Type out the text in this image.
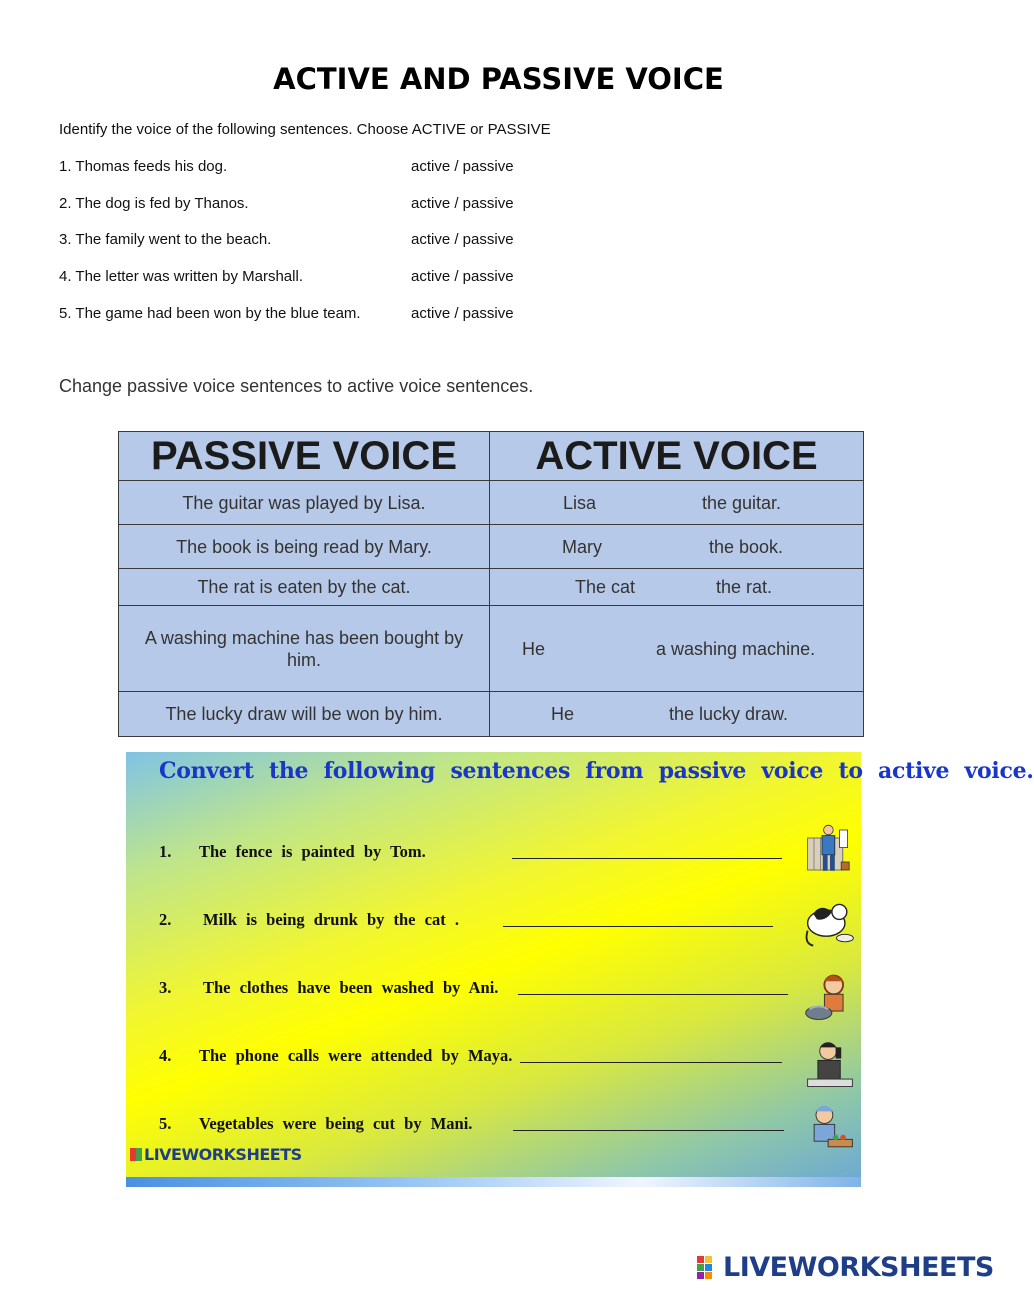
ACTIVE AND PASSIVE VOICE
Identify the voice of the following sentences. Choose ACTIVE or PASSIVE
1. Thomas feeds his dog.	active / passive
2. The dog is fed by Thanos.	active / passive
3. The family went to the beach.	active / passive
4. The letter was written by Marshall.	active / passive
5. The game had been won by the blue team.	active / passive
Change passive voice sentences to active voice sentences.
PASSIVE VOICE	ACTIVE VOICE
The guitar was played by Lisa.	Lisa the guitar.

The book is being read by Mary.	Mary the book.

The rat is eaten by the cat.	The cat the rat.

A washing machine has been bought by him.	He a washing machine.

The lucky draw will be won by him.	He the lucky draw.
Convert the following sentences from passive voice to active voice.
1. The fence is painted by Tom.
2. Milk is being drunk by the cat .
3. The clothes have been washed by Ani.
4. The phone calls were attended by Maya.
5. Vegetables were being cut by Mani.
LIVEWORKSHEETS
LIVEWORKSHEETS
